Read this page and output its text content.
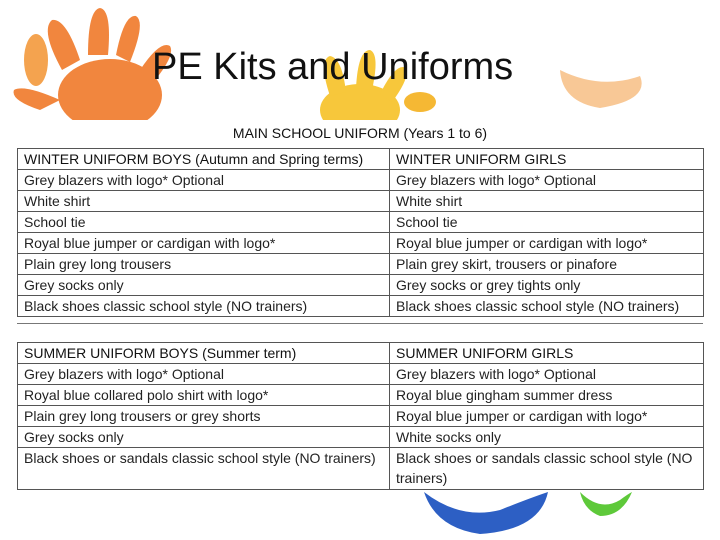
PE Kits and Uniforms
MAIN SCHOOL UNIFORM (Years 1 to 6)
WINTER UNIFORM BOYS (Autumn and Spring terms)	WINTER UNIFORM GIRLS
Grey blazers with logo* Optional	Grey blazers with logo* Optional
White shirt	White shirt
School tie	School tie
Royal blue jumper or cardigan with logo*	Royal blue jumper or cardigan with logo*
Plain grey long trousers	Plain grey skirt, trousers or pinafore
Grey socks only	Grey socks or grey tights only
Black shoes classic school style (NO trainers)	Black shoes classic school style (NO trainers)
SUMMER UNIFORM BOYS (Summer term)	SUMMER UNIFORM GIRLS
Grey blazers with logo* Optional	Grey blazers with logo* Optional
Royal blue collared polo shirt with logo*	Royal blue gingham summer dress
Plain grey long trousers or grey shorts	Royal blue jumper or cardigan with logo*
Grey socks only	White socks only
Black shoes or sandals classic school style (NO trainers)	Black shoes or sandals classic school style (NO trainers)
